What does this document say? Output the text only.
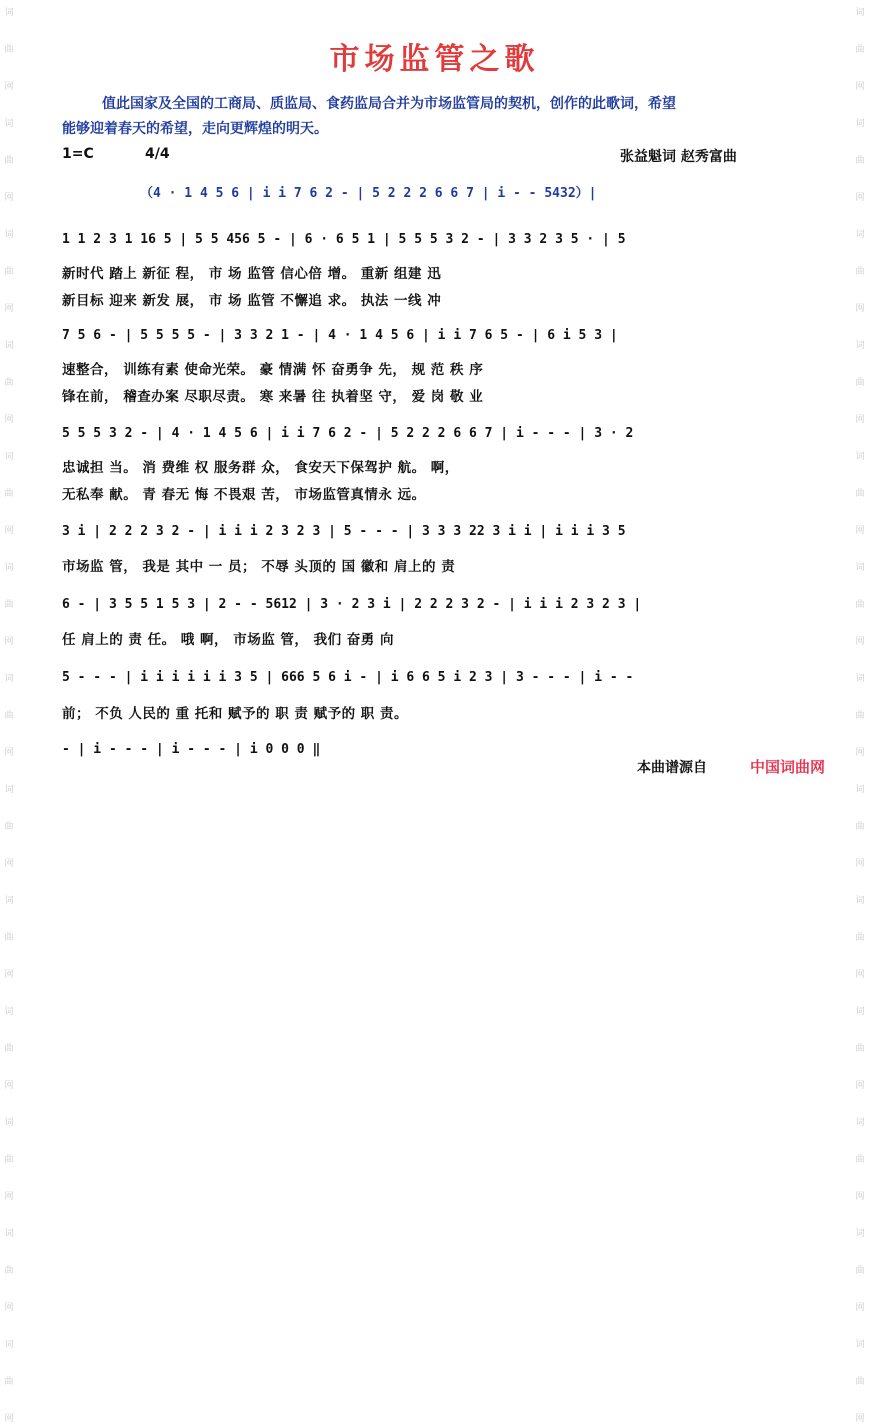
词
曲
网
词
曲
网
词
曲
网
词
曲
网
词
曲
网
词
曲
网
词
曲
网
词
曲
网
词
曲
网
词
曲
网
词
曲
网
词
曲
网
词
曲
网
词
曲
网
词
曲
网
词
曲
网
词
曲
网
词
曲
网
词
曲
网
词
曲
网
词
曲
网
词
曲
网
词
曲
网
词
曲
网
词
曲
网
词
曲
网
市场监管之歌
值此国家及全国的工商局、质监局、食药监局合并为市场监管局的契机，创作的此歌词，希望
能够迎着春天的希望，走向更辉煌的明天。
1=C	4/4	张益魁词 赵秀富曲
（4 · 1 4 5 6 | i i 7 6 2 - | 5 2 2 2 6 6 7 | i - - 5432）|
1 1 2 3 1 16 5 | 5 5 456 5 - | 6 · 6 5 1 | 5 5 5 3 2 - | 3 3 2 3 5 · | 5
新时代 踏上 新征 程， 市 场 监管 信心倍 增。 重新 组建 迅
新目标 迎来 新发 展， 市 场 监管 不懈追 求。 执法 一线 冲
7 5 6 - | 5 5 5 5 - | 3 3 2 1 - | 4 · 1 4 5 6 | i i 7 6 5 - | 6 i 5 3 |
速整合， 训练有素 使命光荣。 豪 情满 怀 奋勇争 先， 规 范 秩 序
锋在前， 稽查办案 尽职尽责。 寒 来暑 往 执着坚 守， 爱 岗 敬 业
5 5 5 3 2 - | 4 · 1 4 5 6 | i i 7 6 2 - | 5 2 2 2 6 6 7 | i - - - | 3 · 2
忠诚担 当。 消 费维 权 服务群 众， 食安天下保驾护 航。 啊，
无私奉 献。 青 春无 悔 不畏艰 苦， 市场监管真情永 远。
3 i | 2 2 2 3 2 - | i i i 2 3 2 3 | 5 - - - | 3 3 3 22 3 i i | i i i 3 5
市场监 管， 我是 其中 一 员； 不辱 头顶的 国 徽和 肩上的 责
6 - | 3 5 5 1 5 3 | 2 - - 5612 | 3 · 2 3 i | 2 2 2 3 2 - | i i i 2 3 2 3 |
任 肩上的 责 任。 哦 啊， 市场监 管， 我们 奋勇 向
5 - - - | i i i i i i 3 5 | 666 5 6 i - | i 6 6 5 i 2 3 | 3 - - - | i - -
前； 不负 人民的 重 托和 赋予的 职 责 赋予的 职 责。
- | i - - - | i - - - | i 0 0 0 ‖
本曲谱源自	中国词曲网
